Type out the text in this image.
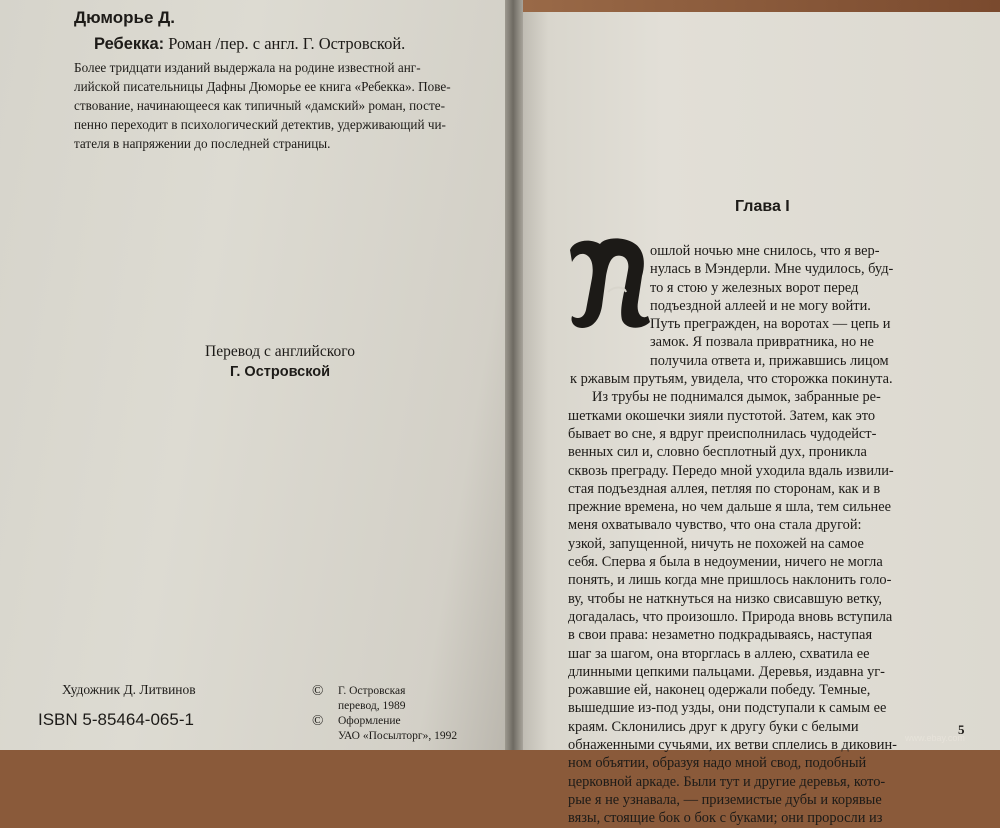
Дюморье Д.
Ребекка: Роман /пер. с англ. Г. Островской.
Более тридцати изданий выдержала на родине известной анг-
лийской писательницы Дафны Дюморье ее книга «Ребекка». Пове-
ствование, начинающееся как типичный «дамский» роман, посте-
пенно переходит в психологический детектив, удерживающий чи-
тателя в напряжении до последней страницы.
Перевод с английского
Г. Островской
Художник Д. Литвинов
ISBN 5-85464-065-1
©	Г. Островская
перевод, 1989
©	Оформление
УАО «Посылторг», 1992
Глава I
ошлой ночью мне снилось, что я вер-
нулась в Мэндерли. Мне чудилось, буд-
то я стою у железных ворот перед
подъездной аллеей и не могу войти.
Путь прегражден, на воротах — цепь и
замок. Я позвала привратника, но не
получила ответа и, прижавшись лицом
к ржавым прутьям, увидела, что сторожка покинута.
Из трубы не поднимался дымок, забранные ре-
шетками окошечки зияли пустотой. Затем, как это
бывает во сне, я вдруг преисполнилась чудодейст-
венных сил и, словно бесплотный дух, проникла
сквозь преграду. Передо мной уходила вдаль извили-
стая подъездная аллея, петляя по сторонам, как и в
прежние времена, но чем дальше я шла, тем сильнее
меня охватывало чувство, что она стала другой:
узкой, запущенной, ничуть не похожей на самое
себя. Сперва я была в недоумении, ничего не могла
понять, и лишь когда мне пришлось наклонить голо-
ву, чтобы не наткнуться на низко свисавшую ветку,
догадалась, что произошло. Природа вновь вступила
в свои права: незаметно подкрадываясь, наступая
шаг за шагом, она вторглась в аллею, схватила ее
длинными цепкими пальцами. Деревья, издавна уг-
рожавшие ей, наконец одержали победу. Темные,
вышедшие из-под узды, они подступали к самым ее
краям. Склонились друг к другу буки с белыми
обнаженными сучьями, их ветви сплелись в диковин-
ном объятии, образуя надо мной свод, подобный
церковной аркаде. Были тут и другие деревья, кото-
рые я не узнавала, — приземистые дубы и корявые
вязы, стоящие бок о бок с буками; они проросли из
5
www.ebay.com
